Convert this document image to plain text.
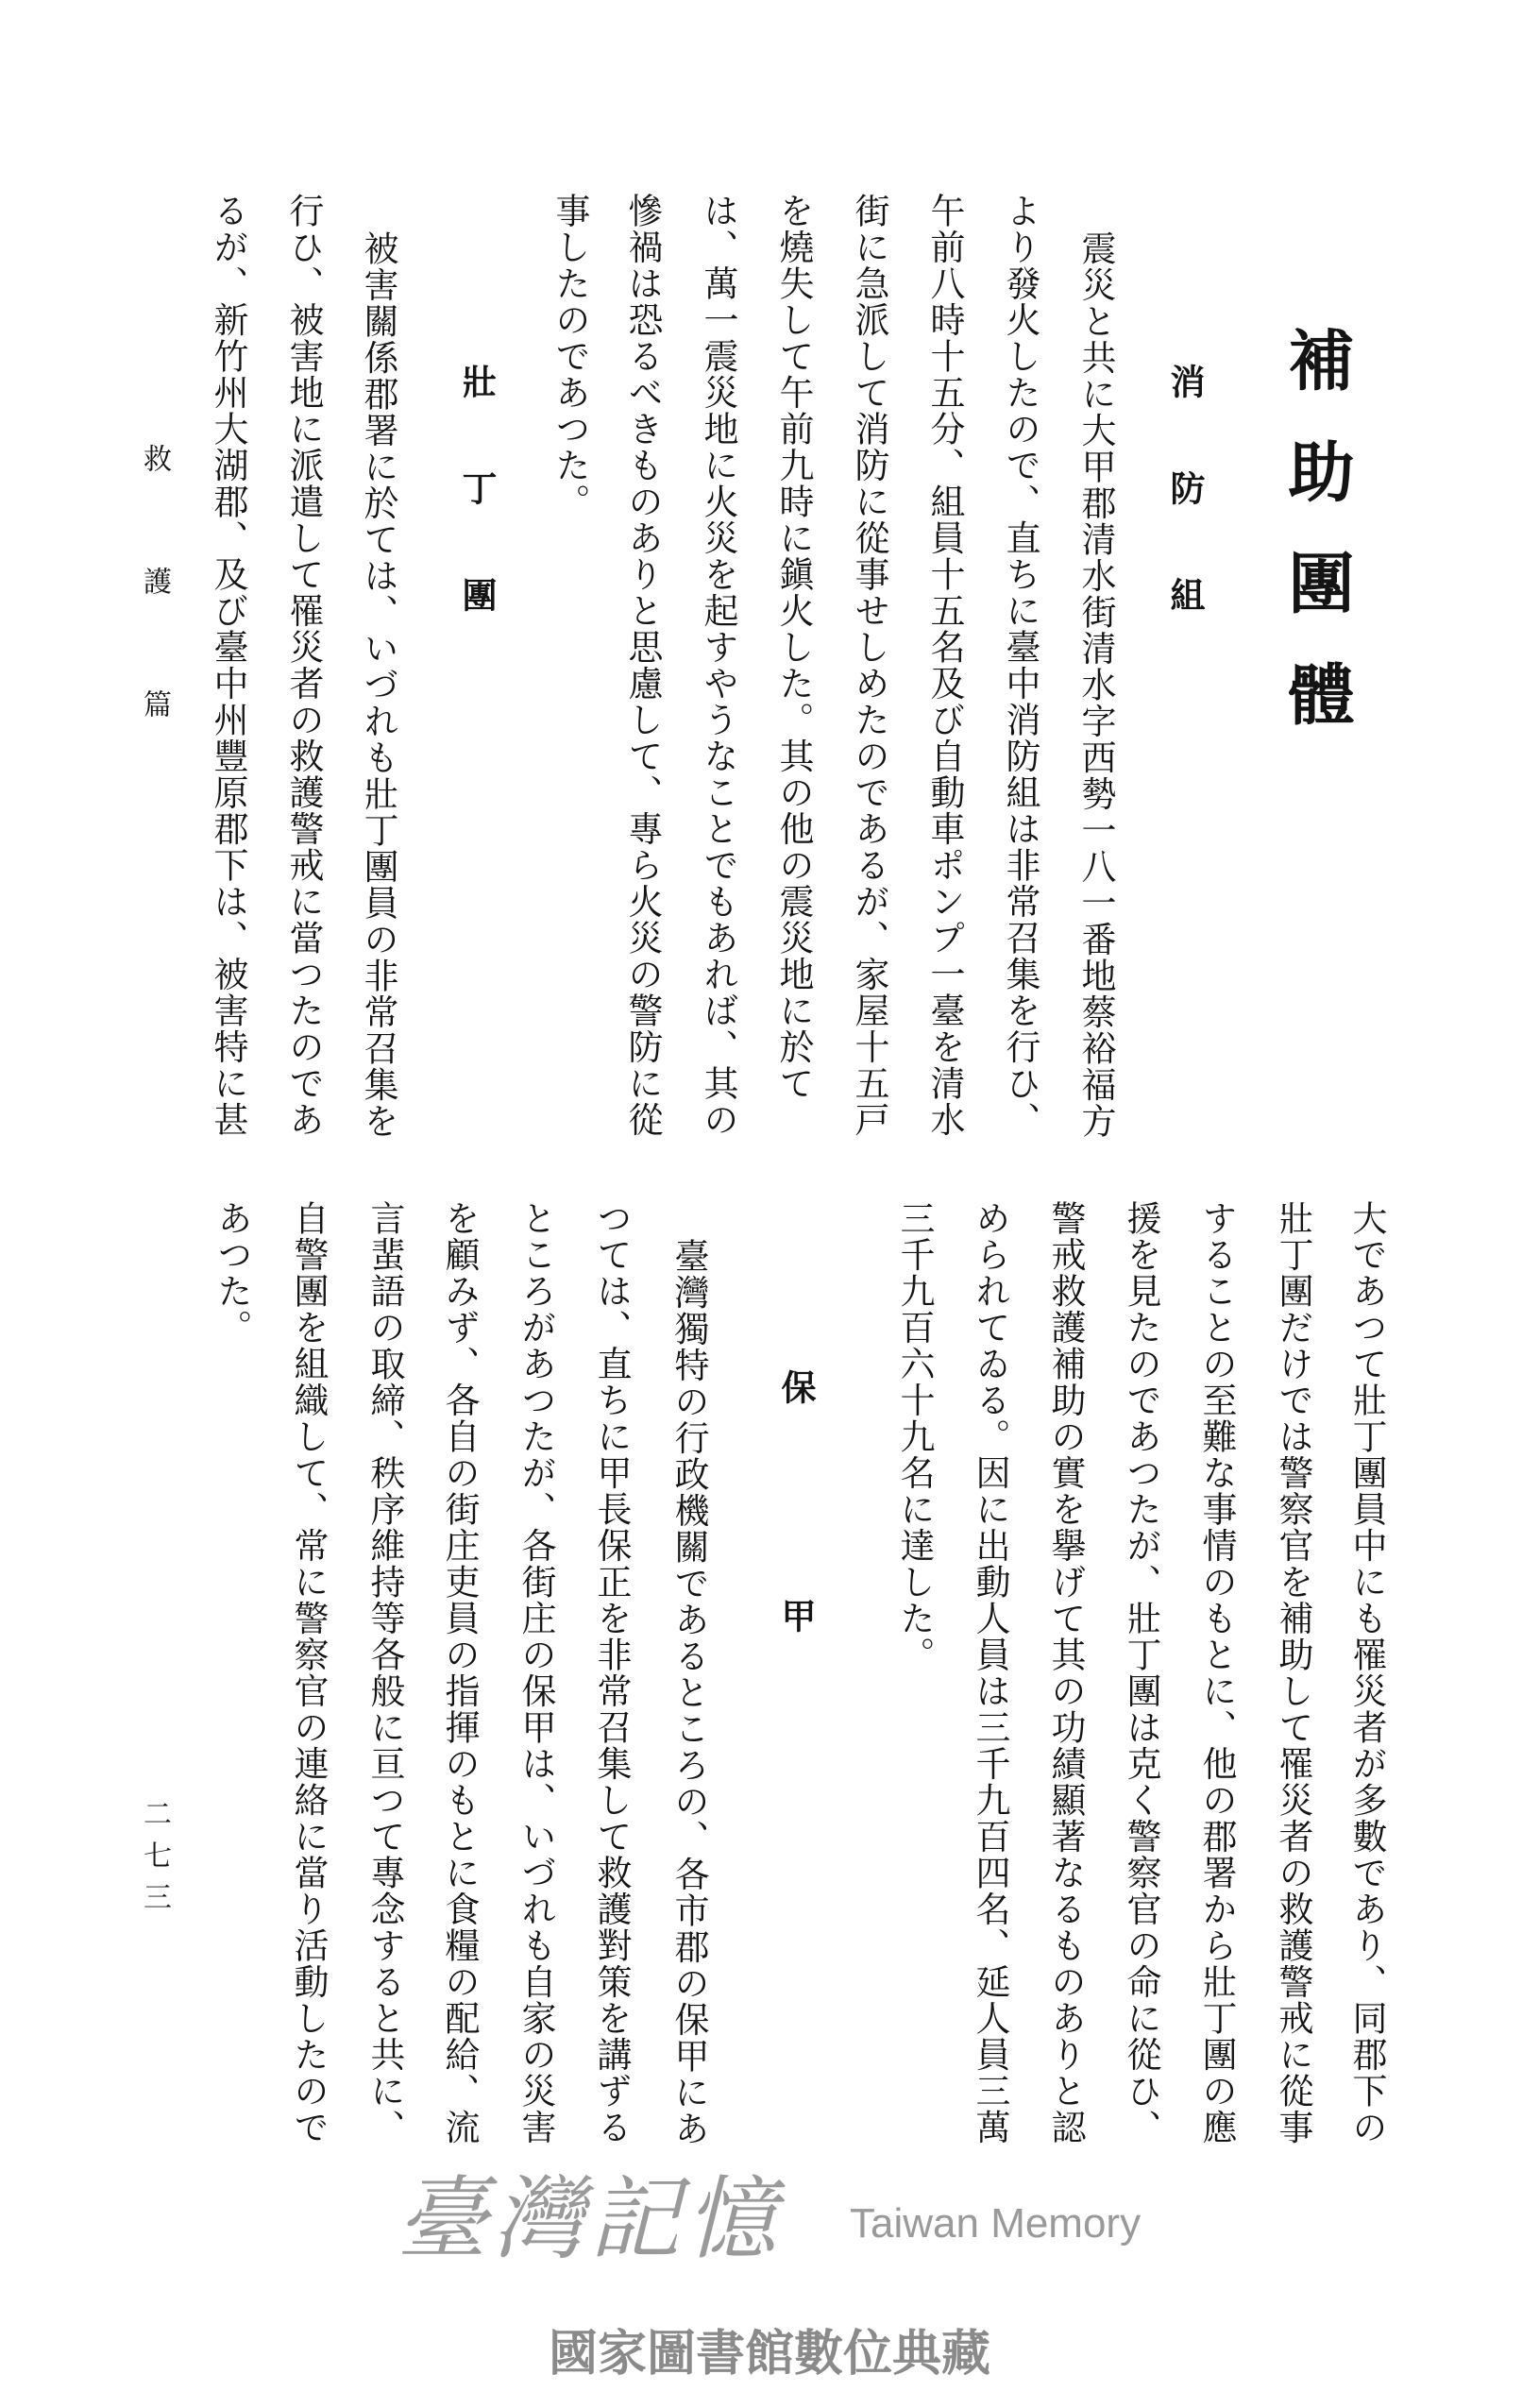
補助團體
消防組
震災と共に大甲郡清水街清水字西勢一八一番地蔡裕福方
より發火したので、直ちに臺中消防組は非常召集を行ひ、
午前八時十五分、組員十五名及び自動車ポンプ一臺を清水
街に急派して消防に從事せしめたのであるが、家屋十五戸
を燒失して午前九時に鎭火した。其の他の震災地に於て
は、萬一震災地に火災を起すやうなことでもあれば、其の
慘禍は恐るべきものありと思慮して、專ら火災の警防に從
事したのであつた。
壯丁團
被害關係郡署に於ては、いづれも壯丁團員の非常召集を
行ひ、被害地に派遣して罹災者の救護警戒に當つたのであ
るが、新竹州大湖郡、及び臺中州豐原郡下は、被害特に甚
救護篇
大であつて壯丁團員中にも罹災者が多數であり、同郡下の
壯丁團だけでは警察官を補助して罹災者の救護警戒に從事
することの至難な事情のもとに、他の郡署から壯丁團の應
援を見たのであつたが、壯丁團は克く警察官の命に從ひ、
警戒救護補助の實を擧げて其の功績顯著なるものありと認
められてゐる。因に出動人員は三千九百四名、延人員三萬
三千九百六十九名に達した。
保甲
臺灣獨特の行政機關であるところの、各市郡の保甲にあ
つては、直ちに甲長保正を非常召集して救護對策を講ずる
ところがあつたが、各街庄の保甲は、いづれも自家の災害
を顧みず、各自の街庄吏員の指揮のもとに食糧の配給、流
言蜚語の取締、秩序維持等各般に亘つて專念すると共に、
自警團を組織して、常に警察官の連絡に當り活動したので
あつた。
二七三
臺灣記憶 Taiwan Memory
國家圖書館數位典藏
